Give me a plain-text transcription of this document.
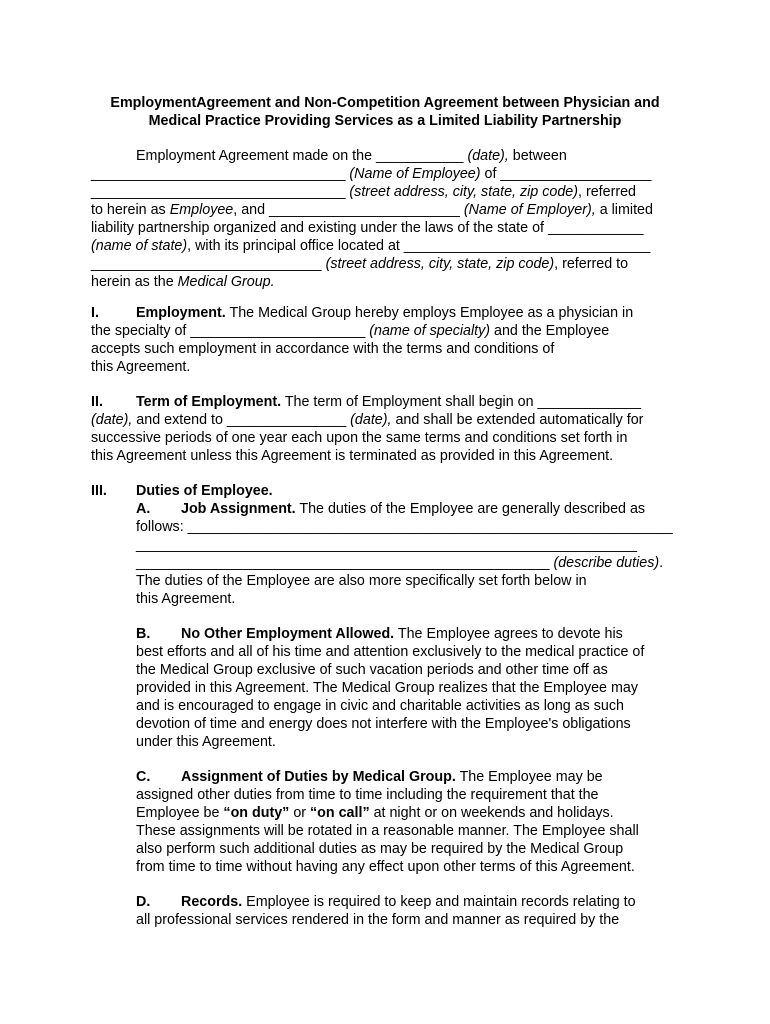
EmploymentAgreement and Non-Competition Agreement between Physician and
Medical Practice Providing Services as a Limited Liability Partnership
Employment Agreement made on the ___________ (date), between
________________________________ (Name of Employee) of ___________________
________________________________ (street address, city, state, zip code), referred
to herein as Employee, and ________________________ (Name of Employer), a limited
liability partnership organized and existing under the laws of the state of ____________
(name of state), with its principal office located at _______________________________
_____________________________ (street address, city, state, zip code), referred to
herein as the Medical Group.
I.	Employment. The Medical Group hereby employs Employee as a physician in
the specialty of ______________________ (name of specialty) and the Employee
accepts such employment in accordance with the terms and conditions of
this Agreement.
II. Term of Employment. The term of Employment shall begin on _____________
(date), and extend to _______________ (date), and shall be extended automatically for
successive periods of one year each upon the same terms and conditions set forth in
this Agreement unless this Agreement is terminated as provided in this Agreement.
III. Duties of Employee.
A. Job Assignment. The duties of the Employee are generally described as
follows: _____________________________________________________________
_______________________________________________________________
____________________________________________________ (describe duties).
The duties of the Employee are also more specifically set forth below in
this Agreement.
B. No Other Employment Allowed. The Employee agrees to devote his
best efforts and all of his time and attention exclusively to the medical practice of
the Medical Group exclusive of such vacation periods and other time off as
provided in this Agreement. The Medical Group realizes that the Employee may
and is encouraged to engage in civic and charitable activities as long as such
devotion of time and energy does not interfere with the Employee's obligations
under this Agreement.
C. Assignment of Duties by Medical Group. The Employee may be
assigned other duties from time to time including the requirement that the
Employee be “on duty” or “on call” at night or on weekends and holidays.
These assignments will be rotated in a reasonable manner. The Employee shall
also perform such additional duties as may be required by the Medical Group
from time to time without having any effect upon other terms of this Agreement.
D. Records. Employee is required to keep and maintain records relating to
all professional services rendered in the form and manner as required by the
